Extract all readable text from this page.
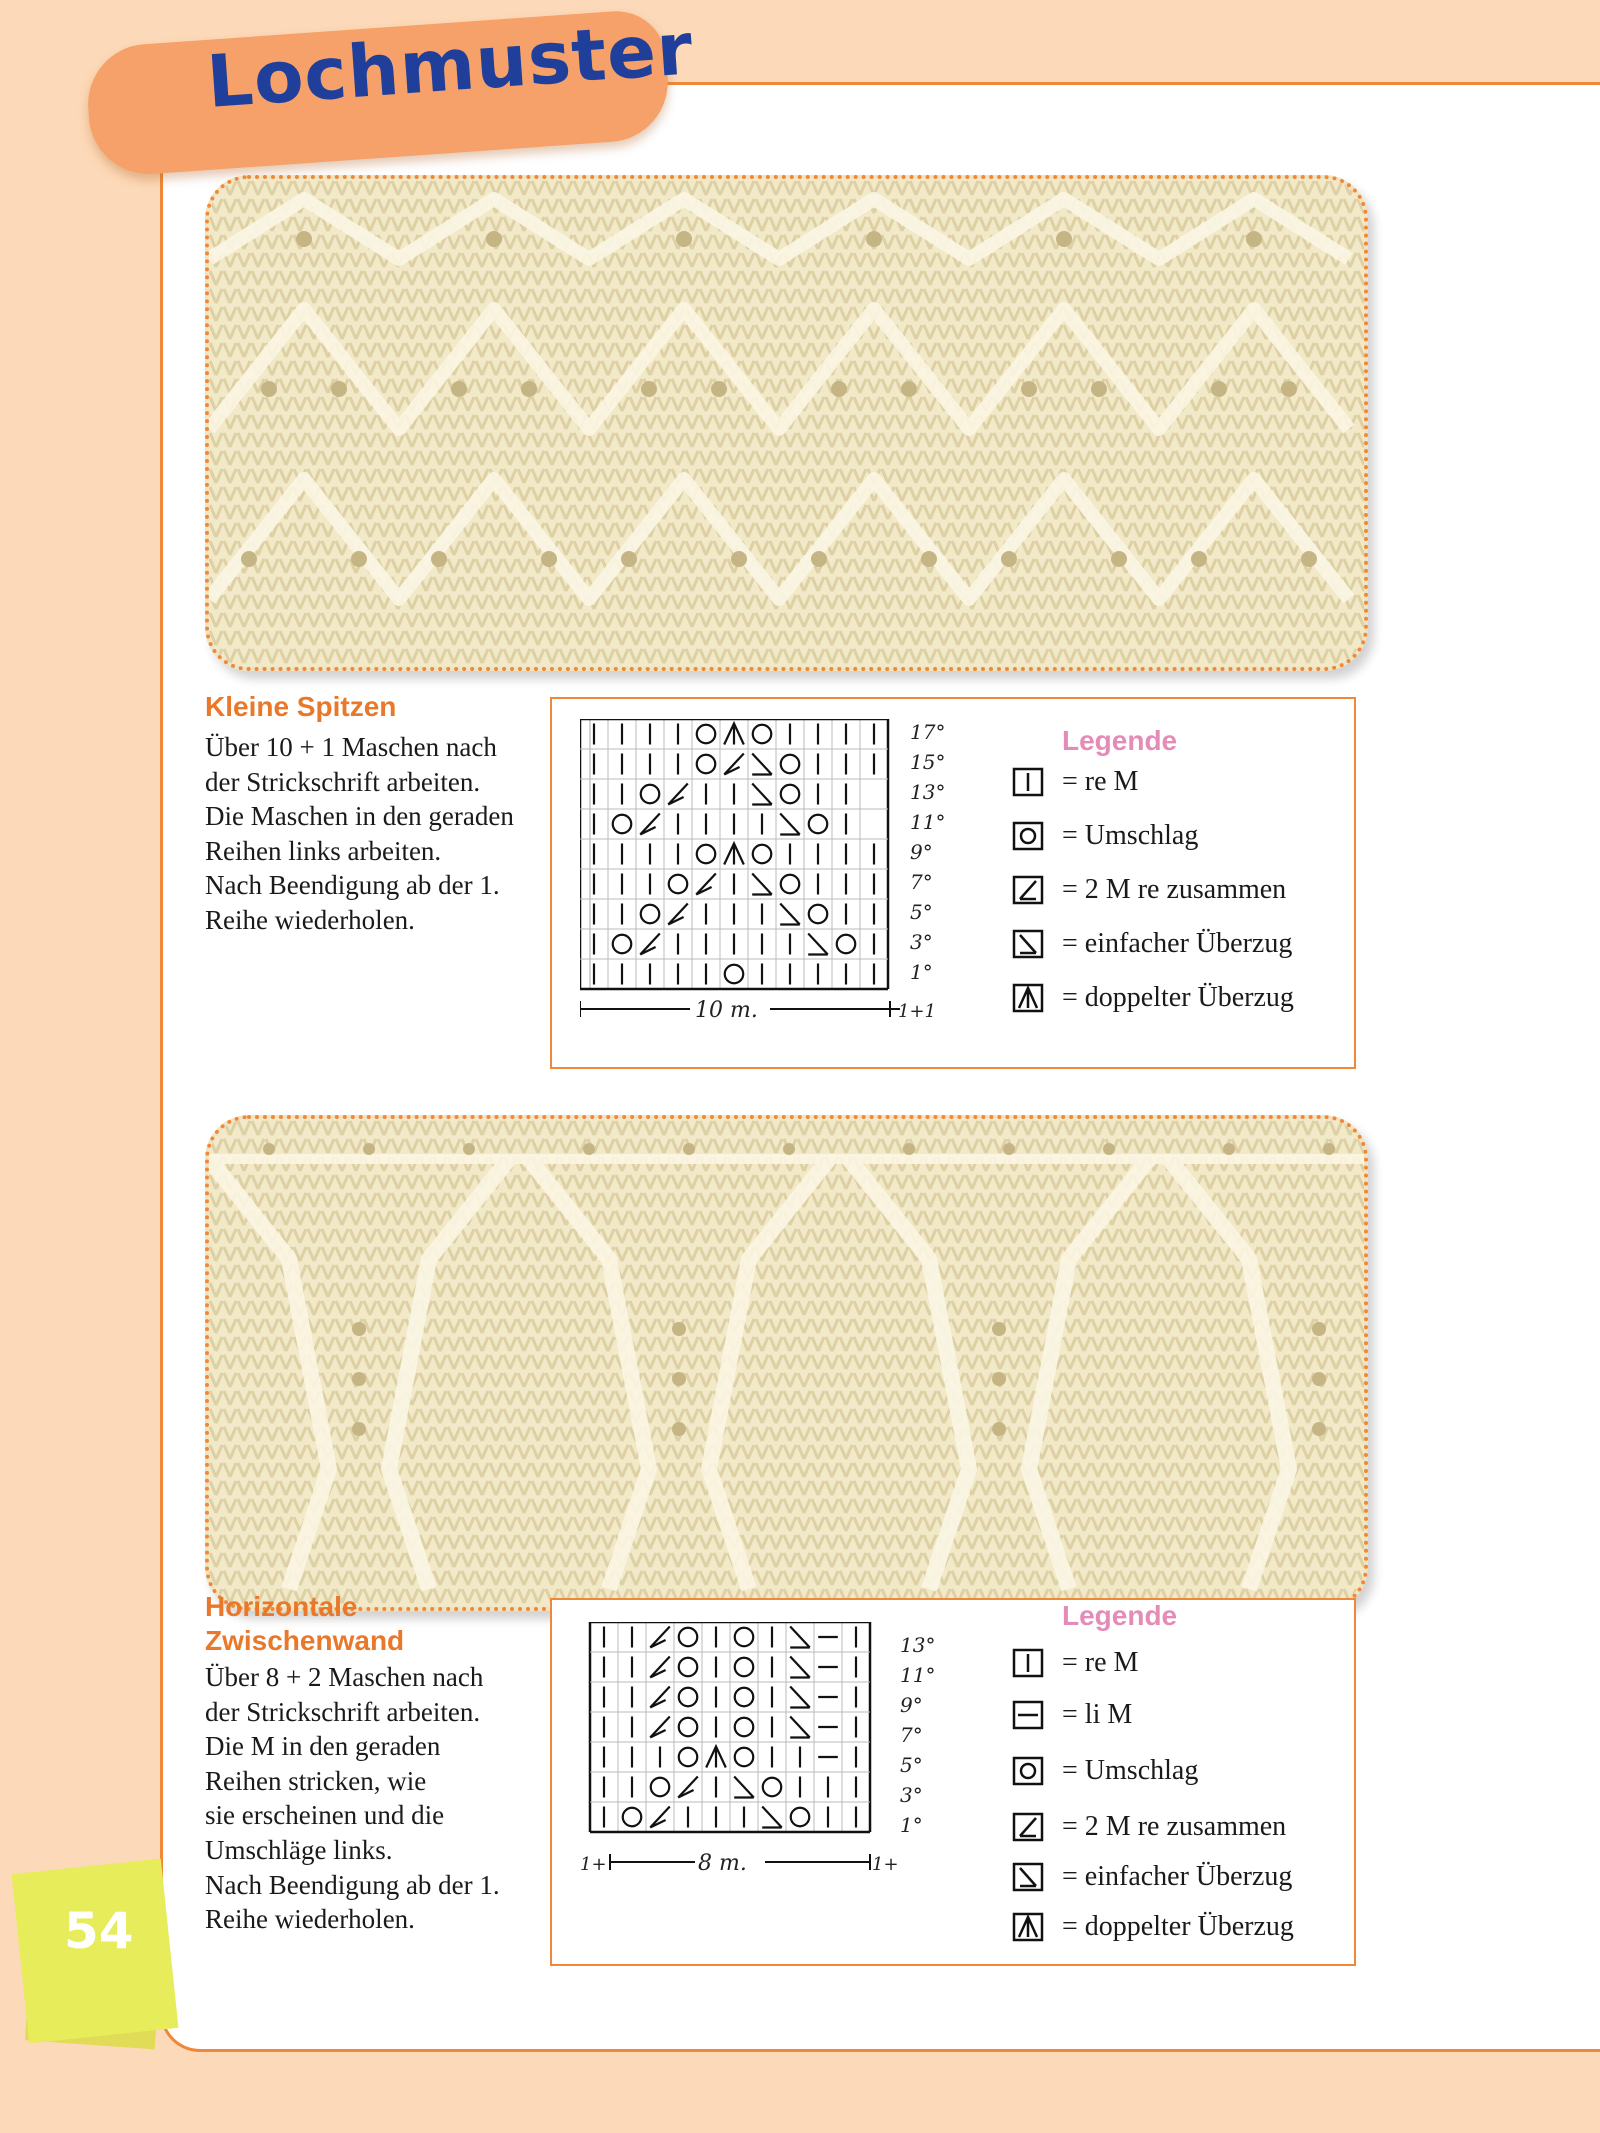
Lochmuster
Kleine Spitzen
Über 10 + 1 Maschen nach
der Strickschrift arbeiten.
Die Maschen in den geraden
Reihen links arbeiten.
Nach Beendigung ab der 1.
Reihe wiederholen.
17°
15°
13°
11°
9°
7°
5°
3°
1°
10 m.	1+1
Legende
= re M
= Umschlag
= 2 M re zusammen
= einfacher Überzug
= doppelter Überzug
Horizontale Zwischenwand
Über 8 + 2 Maschen nach
der Strickschrift arbeiten.
Die M in den geraden
Reihen stricken, wie
sie erscheinen und die
Umschläge links.
Nach Beendigung ab der 1.
Reihe wiederholen.
13°
11°
9°
7°
5°
3°
1°
8 m.
1+	1+
Legende
= re M
= li M
= Umschlag
= 2 M re zusammen
= einfacher Überzug
= doppelter Überzug
54
